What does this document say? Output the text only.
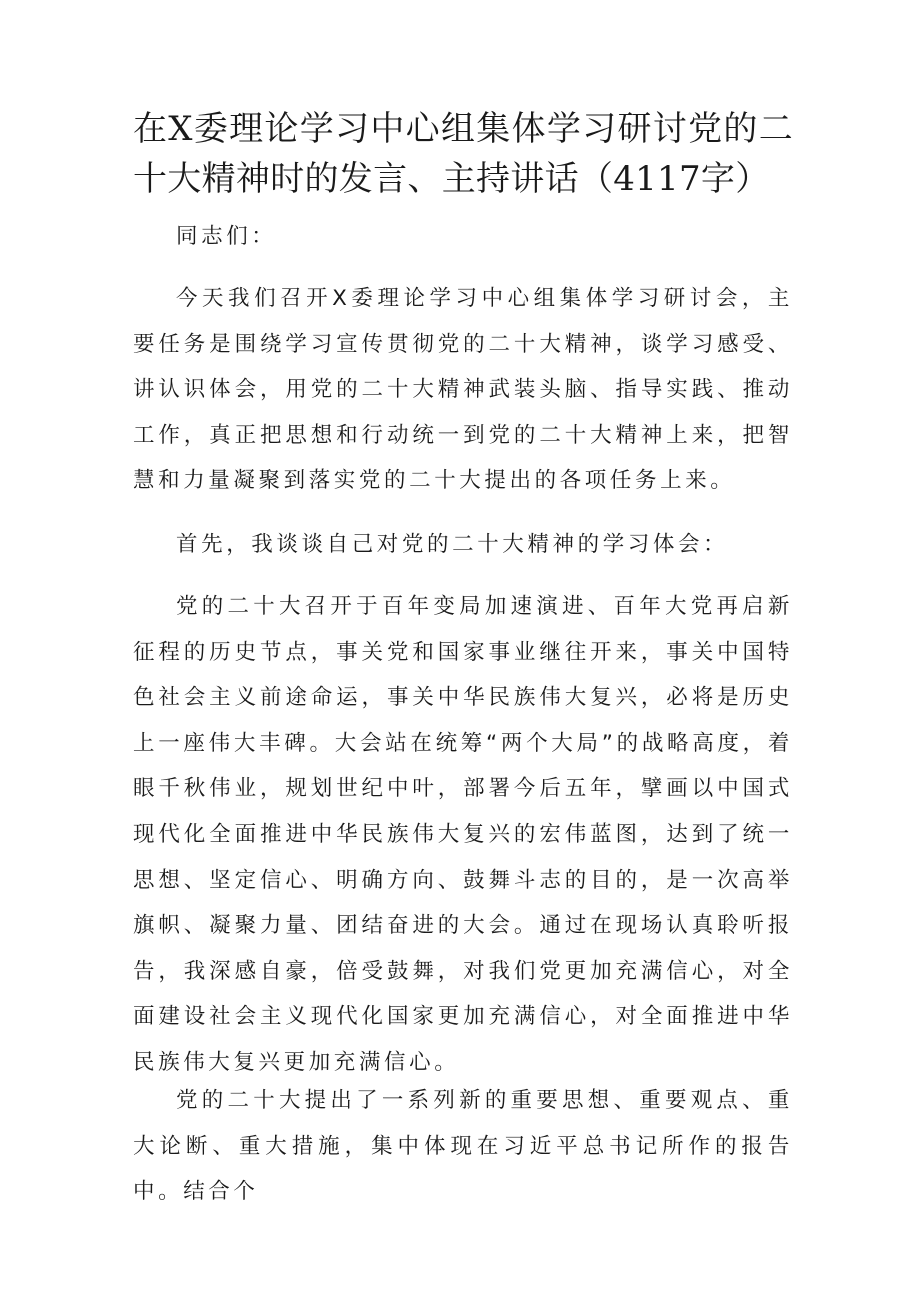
在X委理论学习中心组集体学习研讨党的二十大精神时的发言、主持讲话（4117字）

同志们：

今天我们召开X委理论学习中心组集体学习研讨会，主要任务是围绕学习宣传贯彻党的二十大精神，谈学习感受、讲认识体会，用党的二十大精神武装头脑、指导实践、推动工作，真正把思想和行动统一到党的二十大精神上来，把智慧和力量凝聚到落实党的二十大提出的各项任务上来。

首先，我谈谈自己对党的二十大精神的学习体会：

党的二十大召开于百年变局加速演进、百年大党再启新征程的历史节点，事关党和国家事业继往开来，事关中国特色社会主义前途命运，事关中华民族伟大复兴，必将是历史上一座伟大丰碑。大会站在统筹“两个大局”的战略高度，着眼千秋伟业，规划世纪中叶，部署今后五年，擘画以中国式现代化全面推进中华民族伟大复兴的宏伟蓝图，达到了统一思想、坚定信心、明确方向、鼓舞斗志的目的，是一次高举旗帜、凝聚力量、团结奋进的大会。通过在现场认真聆听报告，我深感自豪，倍受鼓舞，对我们党更加充满信心，对全面建设社会主义现代化国家更加充满信心，对全面推进中华民族伟大复兴更加充满信心。

党的二十大提出了一系列新的重要思想、重要观点、重大论断、重大措施，集中体现在习近平总书记所作的报告中。结合个
